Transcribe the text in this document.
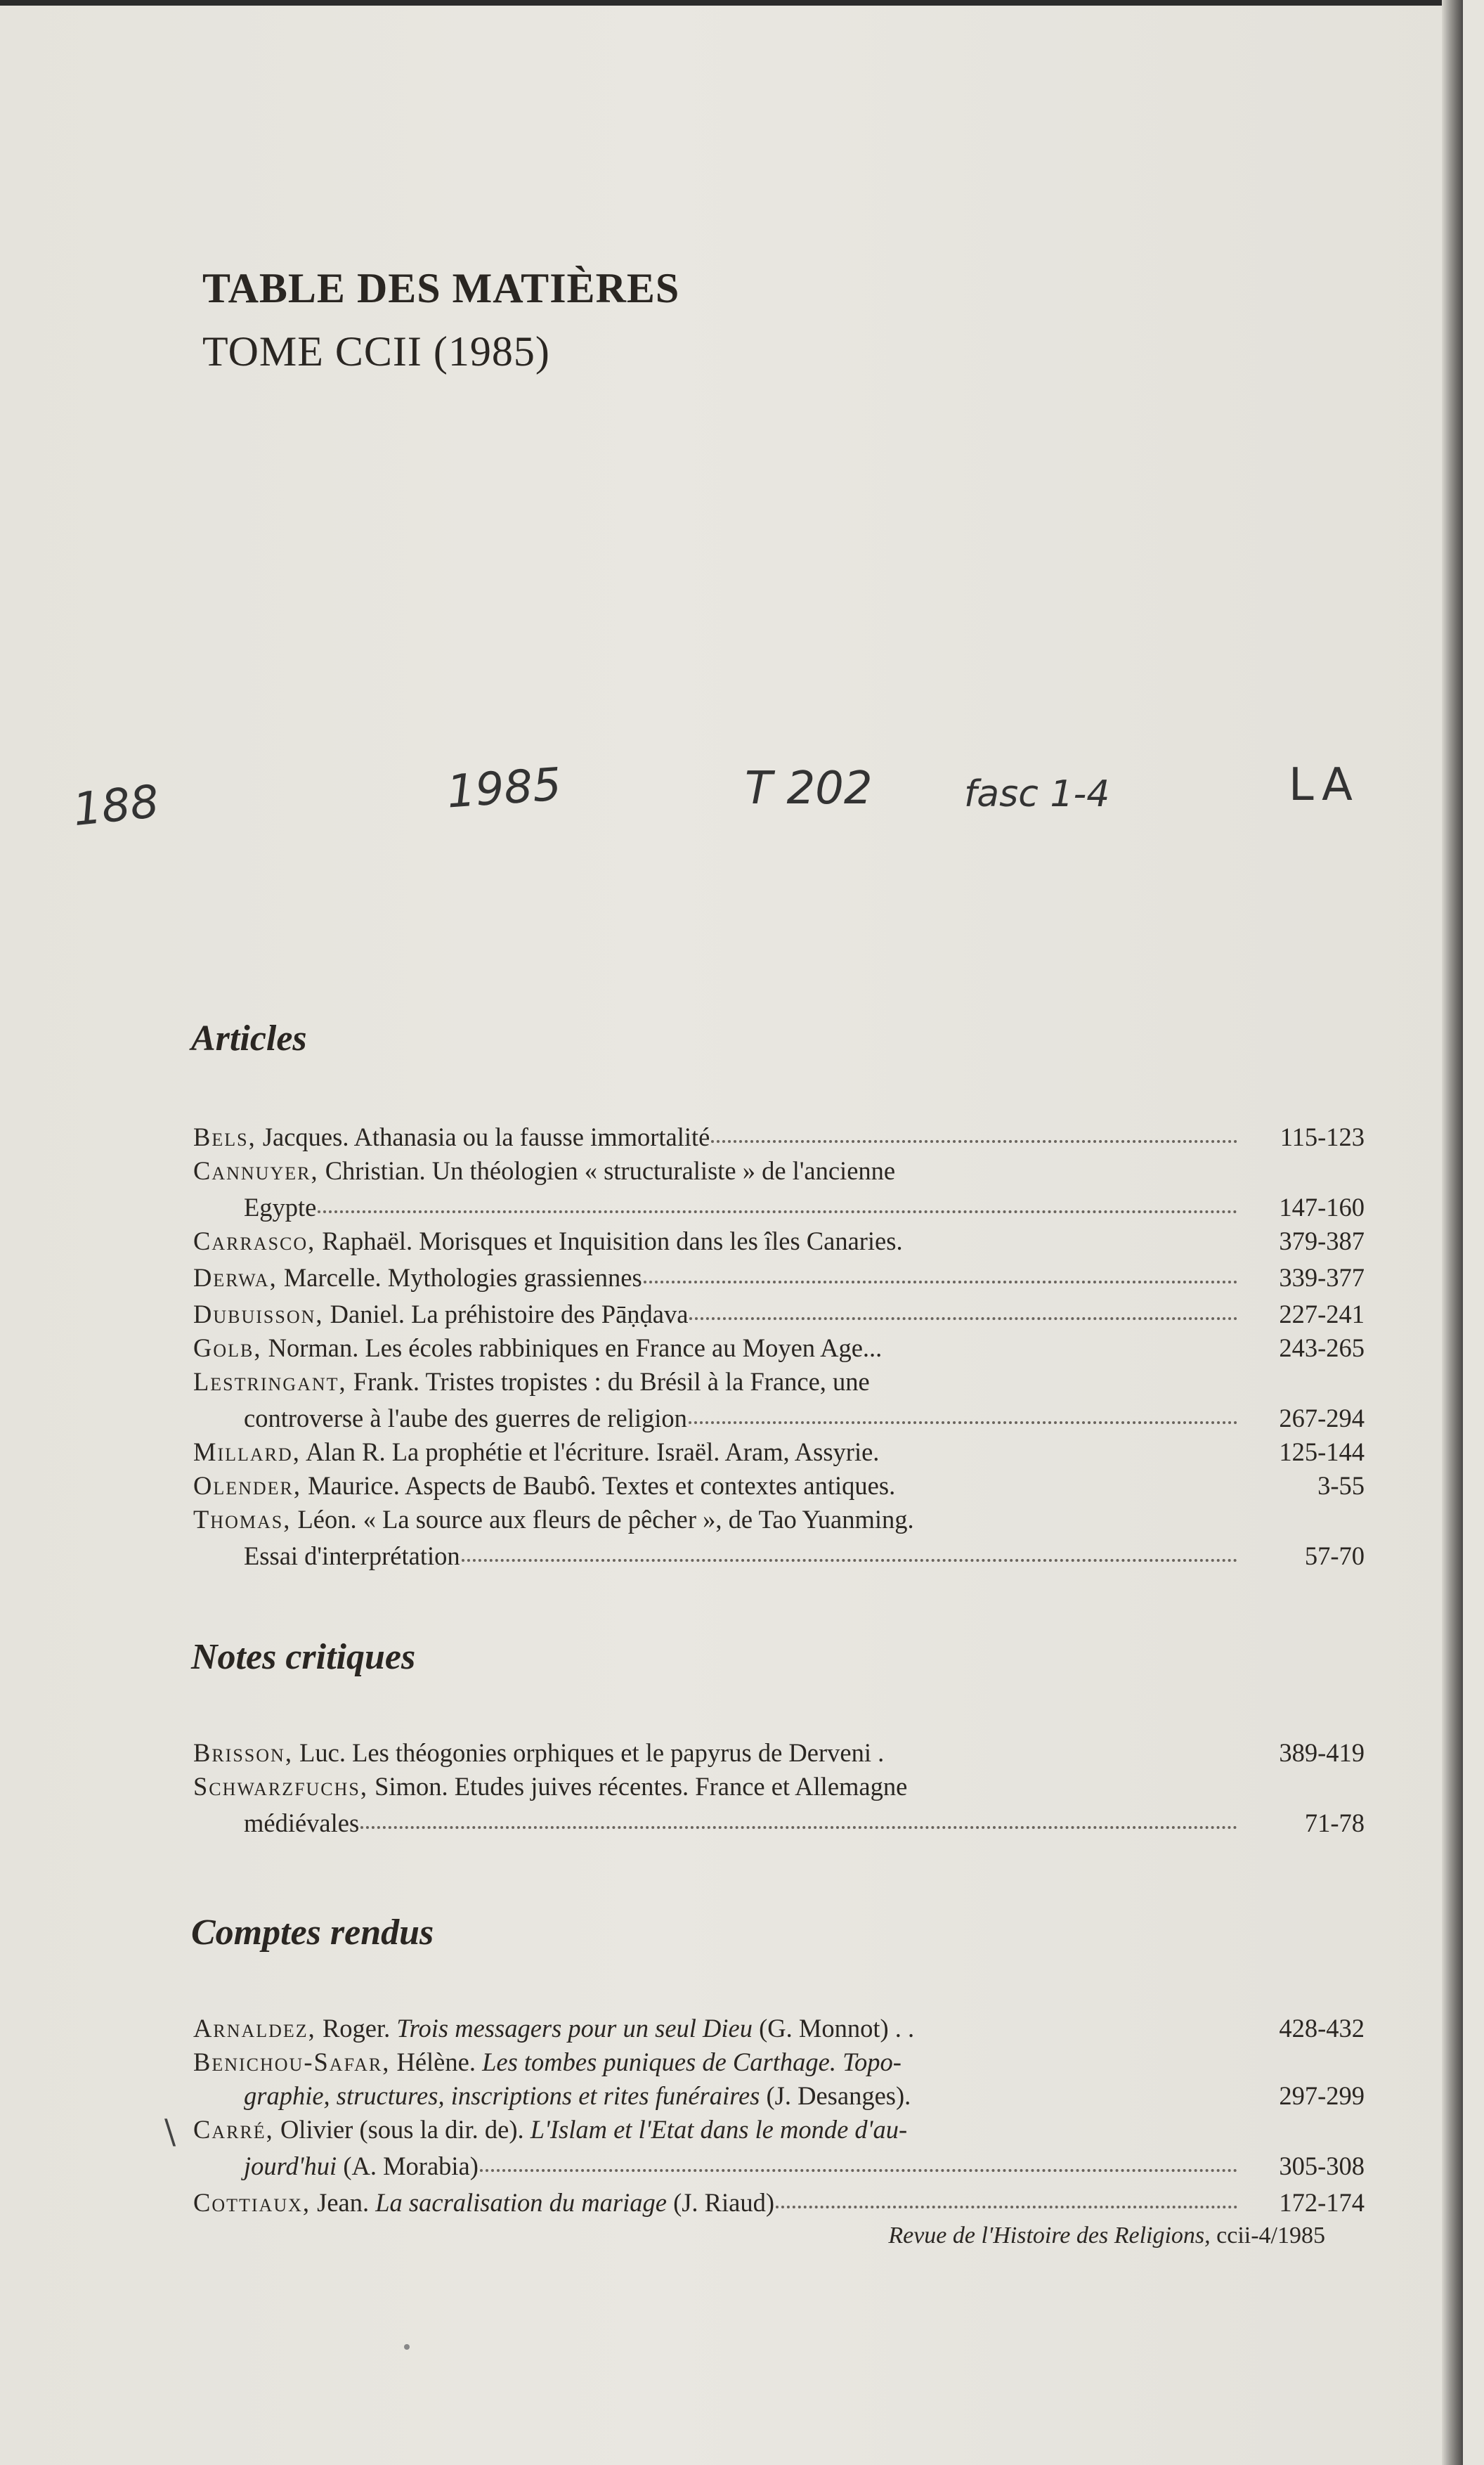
TABLE DES MATIÈRES
TOME CCII (1985)
188	1985	T 202	fasc 1-4	LA
Articles
Bels, Jacques. Athanasia ou la fausse immortalité	115-123
Cannuyer, Christian. Un théologien « structuraliste » de l'ancienne
Egypte	147-160
Carrasco, Raphaël. Morisques et Inquisition dans les îles Canaries.	379-387
Derwa, Marcelle. Mythologies grassiennes	339-377
Dubuisson, Daniel. La préhistoire des Pāṇḍava	227-241
Golb, Norman. Les écoles rabbiniques en France au Moyen Age...	243-265
Lestringant, Frank. Tristes tropistes : du Brésil à la France, une
controverse à l'aube des guerres de religion	267-294
Millard, Alan R. La prophétie et l'écriture. Israël. Aram, Assyrie.	125-144
Olender, Maurice. Aspects de Baubô. Textes et contextes antiques.	3-55
Thomas, Léon. « La source aux fleurs de pêcher », de Tao Yuanming.
Essai d'interprétation	57-70
Notes critiques
Brisson, Luc. Les théogonies orphiques et le papyrus de Derveni .	389-419
Schwarzfuchs, Simon. Etudes juives récentes. France et Allemagne
médiévales	71-78
Comptes rendus
\
Arnaldez, Roger. Trois messagers pour un seul Dieu (G. Monnot) . .	428-432
Benichou-Safar, Hélène. Les tombes puniques de Carthage. Topo-
graphie, structures, inscriptions et rites funéraires (J. Desanges).	297-299
Carré, Olivier (sous la dir. de). L'Islam et l'Etat dans le monde d'au-
jourd'hui (A. Morabia)	305-308
Cottiaux, Jean. La sacralisation du mariage (J. Riaud)	172-174
Revue de l'Histoire des Religions, ccii-4/1985
